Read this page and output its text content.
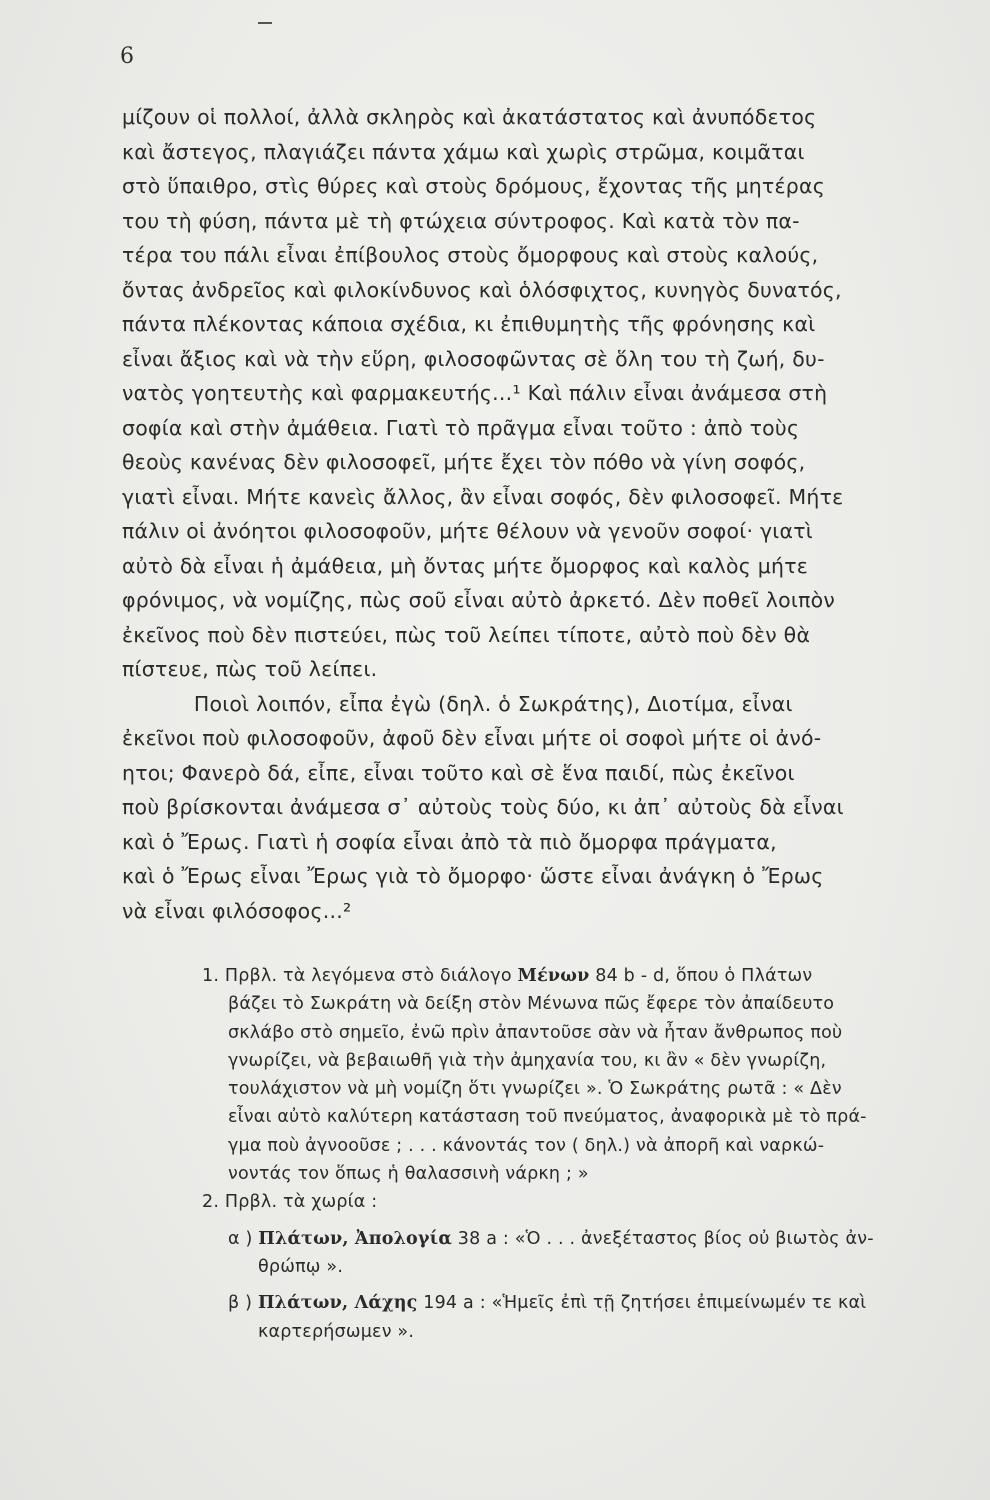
6
μίζουν οἱ πολλοί, ἀλλὰ σκληρὸς καὶ ἀκατάστατος καὶ ἀνυπόδετος
καὶ ἄστεγος, πλαγιάζει πάντα χάμω καὶ χωρὶς στρῶμα, κοιμᾶται
στὸ ὕπαιθρο, στὶς θύρες καὶ στοὺς δρόμους, ἔχοντας τῆς μητέρας
του τὴ φύση, πάντα μὲ τὴ φτώχεια σύντροφος. Καὶ κατὰ τὸν πα-
τέρα του πάλι εἶναι ἐπίβουλος στοὺς ὄμορφους καὶ στοὺς καλούς,
ὄντας ἀνδρεῖος καὶ φιλοκίνδυνος καὶ ὁλόσφιχτος, κυνηγὸς δυνατός,
πάντα πλέκοντας κάποια σχέδια, κι ἐπιθυμητὴς τῆς φρόνησης καὶ
εἶναι ἄξιος καὶ νὰ τὴν εὕρη, φιλοσοφῶντας σὲ ὅλη του τὴ ζωή, δυ-
νατὸς γοητευτὴς καὶ φαρμακευτής...¹ Καὶ πάλιν εἶναι ἀνάμεσα στὴ
σοφία καὶ στὴν ἀμάθεια. Γιατὶ τὸ πρᾶγμα εἶναι τοῦτο : ἀπὸ τοὺς
θεοὺς κανένας δὲν φιλοσοφεῖ, μήτε ἔχει τὸν πόθο νὰ γίνη σοφός,
γιατὶ εἶναι. Μήτε κανεὶς ἄλλος, ἂν εἶναι σοφός, δὲν φιλοσοφεῖ. Μήτε
πάλιν οἱ ἀνόητοι φιλοσοφοῦν, μήτε θέλουν νὰ γενοῦν σοφοί· γιατὶ
αὐτὸ δὰ εἶναι ἡ ἀμάθεια, μὴ ὄντας μήτε ὄμορφος καὶ καλὸς μήτε
φρόνιμος, νὰ νομίζης, πὼς σοῦ εἶναι αὐτὸ ἀρκετό. Δὲν ποθεῖ λοιπὸν
ἐκεῖνος ποὺ δὲν πιστεύει, πὼς τοῦ λείπει τίποτε, αὐτὸ ποὺ δὲν θὰ
πίστευε, πὼς τοῦ λείπει.
Ποιοὶ λοιπόν, εἶπα ἐγὼ (δηλ. ὁ Σωκράτης), Διοτίμα, εἶναι
ἐκεῖνοι ποὺ φιλοσοφοῦν, ἀφοῦ δὲν εἶναι μήτε οἱ σοφοὶ μήτε οἱ ἀνό-
ητοι; Φανερὸ δά, εἶπε, εἶναι τοῦτο καὶ σὲ ἕνα παιδί, πὼς ἐκεῖνοι
ποὺ βρίσκονται ἀνάμεσα σ᾿ αὐτοὺς τοὺς δύο, κι ἀπ᾿ αὐτοὺς δὰ εἶναι
καὶ ὁ Ἔρως. Γιατὶ ἡ σοφία εἶναι ἀπὸ τὰ πιὸ ὄμορφα πράγματα,
καὶ ὁ Ἔρως εἶναι Ἔρως γιὰ τὸ ὄμορφο· ὥστε εἶναι ἀνάγκη ὁ Ἔρως
νὰ εἶναι φιλόσοφος...²
1. Πρβλ. τὰ λεγόμενα στὸ διάλογο Μένων 84 b - d, ὅπου ὁ Πλάτων
βάζει τὸ Σωκράτη νὰ δείξη στὸν Μένωνα πῶς ἔφερε τὸν ἀπαίδευτο
σκλάβο στὸ σημεῖο, ἐνῶ πρὶν ἀπαντοῦσε σὰν νὰ ἦταν ἄνθρωπος ποὺ
γνωρίζει, νὰ βεβαιωθῆ γιὰ τὴν ἀμηχανία του, κι ἂν « δὲν γνωρίζη,
τουλάχιστον νὰ μὴ νομίζη ὅτι γνωρίζει ». Ὁ Σωκράτης ρωτᾶ : « Δὲν
εἶναι αὐτὸ καλύτερη κατάσταση τοῦ πνεύματος, ἀναφορικὰ μὲ τὸ πρά-
γμα ποὺ ἀγνοοῦσε ; . . . κάνοντάς τον ( δηλ.) νὰ ἀπορῆ καὶ ναρκώ-
νοντάς τον ὅπως ἡ θαλασσινὴ νάρκη ; »
2. Πρβλ. τὰ χωρία :
α ) Πλάτων, Ἀπολογία 38 a : «Ὁ . . . ἀνεξέταστος βίος οὐ βιωτὸς ἀν-
θρώπῳ ».
β ) Πλάτων, Λάχης 194 a : «Ἡμεῖς ἐπὶ τῇ ζητήσει ἐπιμείνωμέν τε καὶ
καρτερήσωμεν ».
